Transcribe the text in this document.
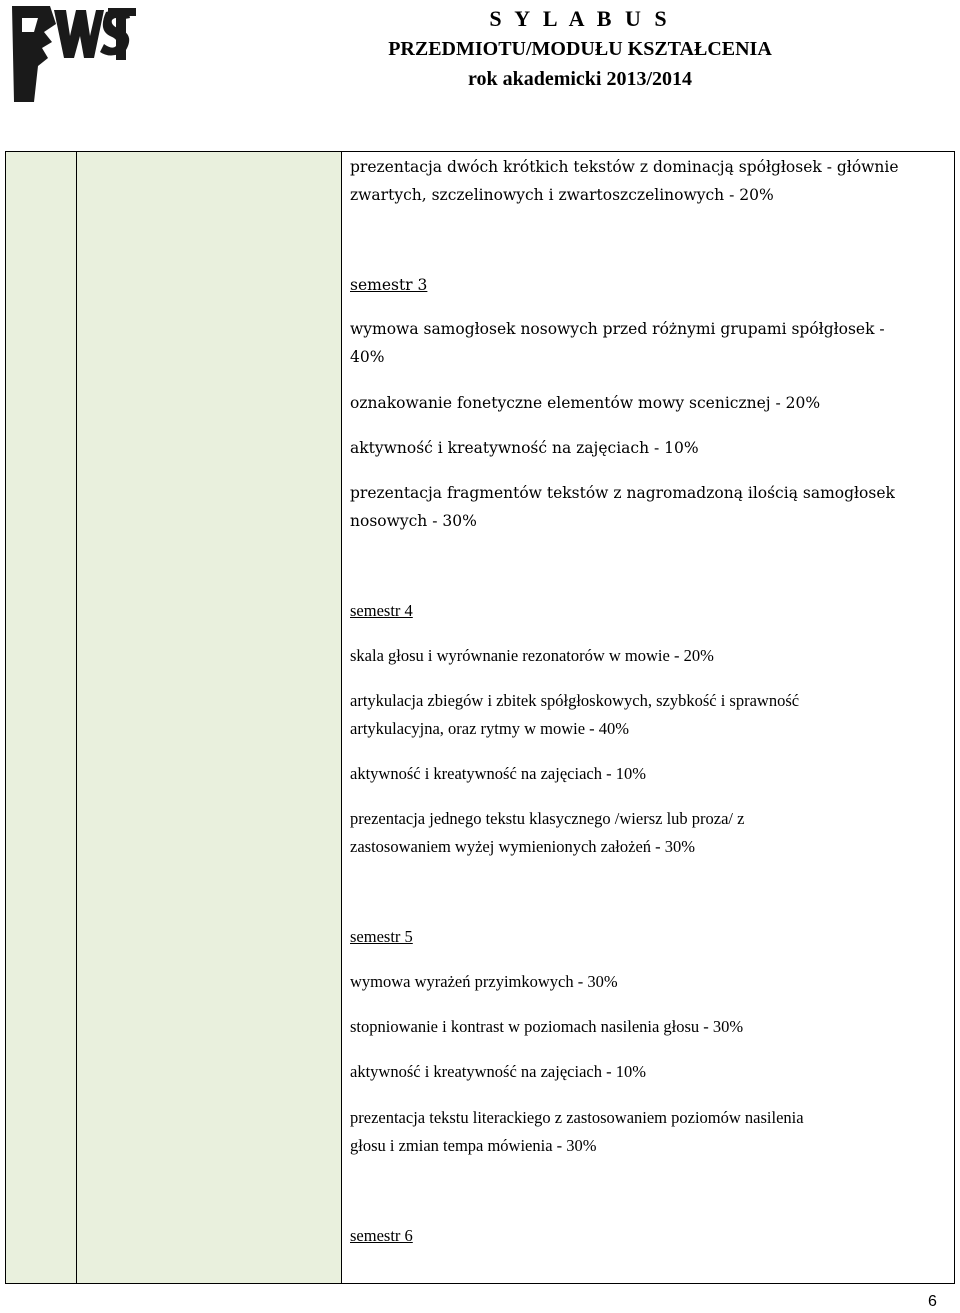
S Y L A B U S
PRZEDMIOTU/MODUŁU KSZTAŁCENIA
rok akademicki 2013/2014
prezentacja dwóch krótkich tekstów z dominacją spółgłosek - głównie
zwartych, szczelinowych i zwartoszczelinowych - 20%
semestr 3
wymowa samogłosek nosowych przed różnymi grupami spółgłosek -
40%
oznakowanie fonetyczne elementów mowy scenicznej - 20%
aktywność i kreatywność na zajęciach - 10%
prezentacja fragmentów tekstów z nagromadzoną ilością samogłosek
nosowych - 30%
semestr 4
skala głosu i wyrównanie rezonatorów w mowie - 20%
artykulacja zbiegów i zbitek spółgłoskowych, szybkość i sprawność
artykulacyjna, oraz rytmy w mowie - 40%
aktywność i kreatywność na zajęciach - 10%
prezentacja jednego tekstu klasycznego /wiersz lub proza/ z
zastosowaniem wyżej wymienionych założeń - 30%
semestr 5
wymowa wyrażeń przyimkowych - 30%
stopniowanie i kontrast w poziomach nasilenia głosu - 30%
aktywność i kreatywność na zajęciach - 10%
prezentacja tekstu literackiego z zastosowaniem poziomów nasilenia
głosu i zmian tempa mówienia - 30%
semestr 6
6
